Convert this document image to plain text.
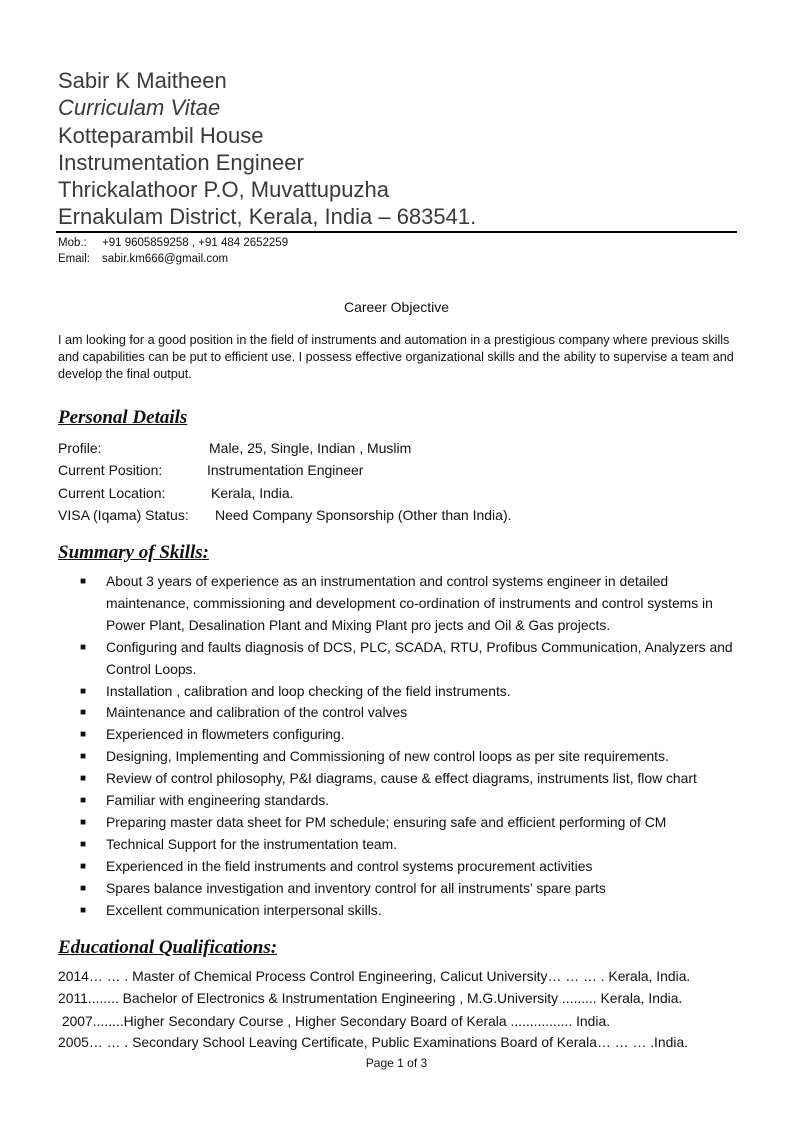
Sabir K Maitheen
Curriculam Vitae
Kotteparambil House
Instrumentation Engineer
Thrickalathoor P.O, Muvattupuzha
Ernakulam District, Kerala, India – 683541.
Mob.: +91 9605859258 , +91 484 2652259
Email: sabir.km666@gmail.com
Career Objective
I am looking for a good position in the field of instruments and automation in a prestigious company where previous skills and capabilities can be put to efficient use. I possess effective organizational skills and the ability to supervise a team and develop the final output.
Personal Details
Profile:	Male, 25, Single, Indian , Muslim
Current Position:	Instrumentation Engineer
Current Location:	Kerala, India.
VISA (Iqama) Status: Need Company Sponsorship (Other than India).
Summary of Skills:
■ About 3 years of experience as an instrumentation and control systems engineer in detailed maintenance, commissioning and development co-ordination of instruments and control systems in Power Plant, Desalination Plant and Mixing Plant pro jects and Oil & Gas projects.
■ Configuring and faults diagnosis of DCS, PLC, SCADA, RTU, Profibus Communication, Analyzers and Control Loops.
■ Installation , calibration and loop checking of the field instruments.
■ Maintenance and calibration of the control valves
■ Experienced in flowmeters configuring.
■ Designing, Implementing and Commissioning of new control loops as per site requirements.
■ Review of control philosophy, P&I diagrams, cause & effect diagrams, instruments list, flow chart
■ Familiar with engineering standards.
■ Preparing master data sheet for PM schedule; ensuring safe and efficient performing of CM
■ Technical Support for the instrumentation team.
■ Experienced in the field instruments and control systems procurement activities
■ Spares balance investigation and inventory control for all instruments’ spare parts
■ Excellent communication interpersonal skills.
Educational Qualifications:
2014… … . Master of Chemical Process Control Engineering, Calicut University… … … . Kerala, India.
2011........ Bachelor of Electronics & Instrumentation Engineering , M.G.University ......... Kerala, India.
2007........Higher Secondary Course , Higher Secondary Board of Kerala ................ India.
2005… … . Secondary School Leaving Certificate, Public Examinations Board of Kerala… … … .India.
Page 1 of 3
